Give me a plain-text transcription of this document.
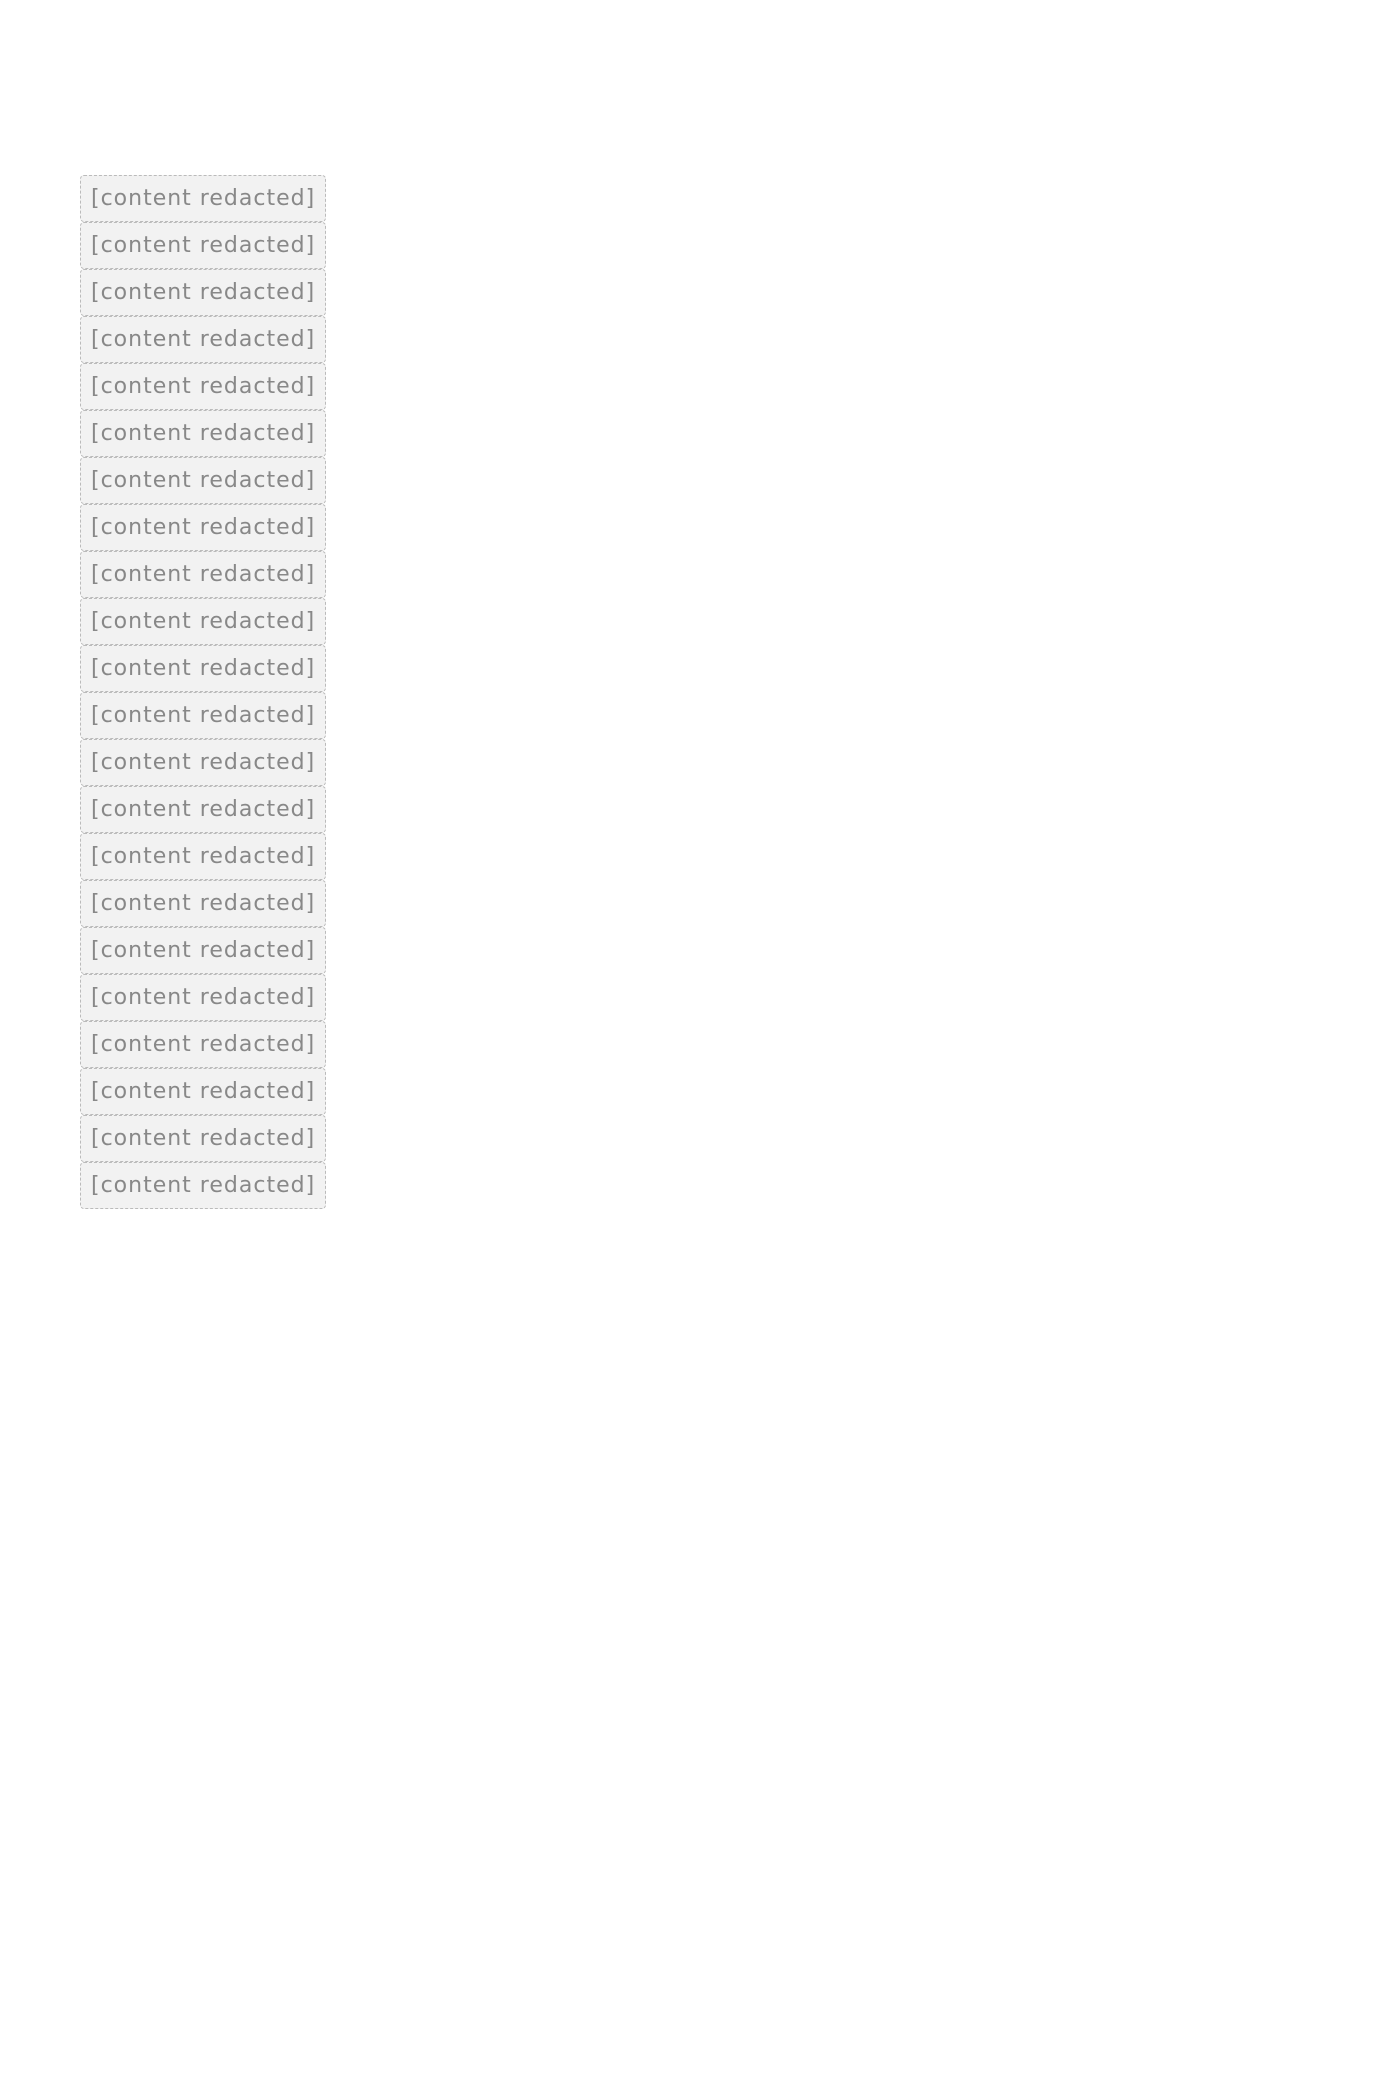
[content redacted]
[content redacted]
[content redacted]
[content redacted]
[content redacted]
[content redacted]
[content redacted]
[content redacted]
[content redacted]
[content redacted]
[content redacted]
[content redacted]
[content redacted]
[content redacted]
[content redacted]
[content redacted]
[content redacted]
[content redacted]
[content redacted]
[content redacted]
[content redacted]
[content redacted]
